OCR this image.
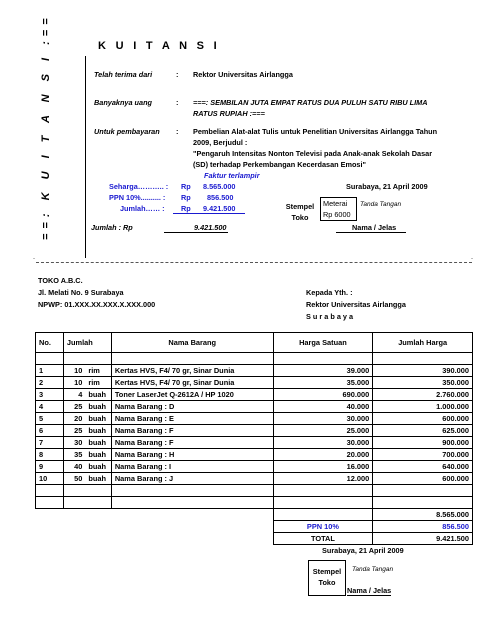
==: K U I T A N S I :==	K U I T A N S I
Telah terima dari	: Rektor Universitas Airlangga
Banyaknya uang	: ===: SEMBILAN JUTA EMPAT RATUS DUA PULUH SATU RIBU LIMA
RATUS RUPIAH :===
Untuk pembayaran : Pembelian Alat-alat Tulis untuk Penelitian Universitas Airlangga Tahun
2009, Berjudul :
"Pengaruh Intensitas Nonton Televisi pada Anak-anak Sekolah Dasar
(SD) terhadap Perkembangan Kecerdasan Emosi"
Faktur terlampir
Seharga……….. : Rp 8.565.000
PPN 10%.......... : Rp 856.500
Jumlah…… : Rp 9.421.500
Surabaya, 21 April 2009
Stempel
Toko
Meterai
Rp 6000
Tanda Tangan
Jumlah : Rp	9.421.500	Nama / Jelas
.	.
TOKO A.B.C.
Jl. Melati No. 9 Surabaya
NPWP: 01.XXX.XX.XXX.X.XXX.000
Kepada Yth. :
Rektor Universitas Airlangga
S u r a b a y a
No.	Jumlah		Nama Barang	Harga Satuan	Jumlah Harga

1	10	rim	Kertas HVS, F4/ 70 gr, Sinar Dunia	39.000	390.000
2	10	rim	Kertas HVS, F4/ 70 gr, Sinar Dunia	35.000	350.000
3	4	buah	Toner LaserJet Q-2612A / HP 1020	690.000	2.760.000
4	25	buah	Nama Barang : D	40.000	1.000.000
5	20	buah	Nama Barang : E	30.000	600.000
6	25	buah	Nama Barang : F	25.000	625.000
7	30	buah	Nama Barang : F	30.000	900.000
8	35	buah	Nama Barang : H	20.000	700.000
9	40	buah	Nama Barang : I	16.000	640.000
10	50	buah	Nama Barang : J	12.000	600.000

					8.565.000
				PPN 10%	856.500
				TOTAL	9.421.500
Surabaya, 21 April 2009
Stempel
Toko
Tanda Tangan
Nama / Jelas
